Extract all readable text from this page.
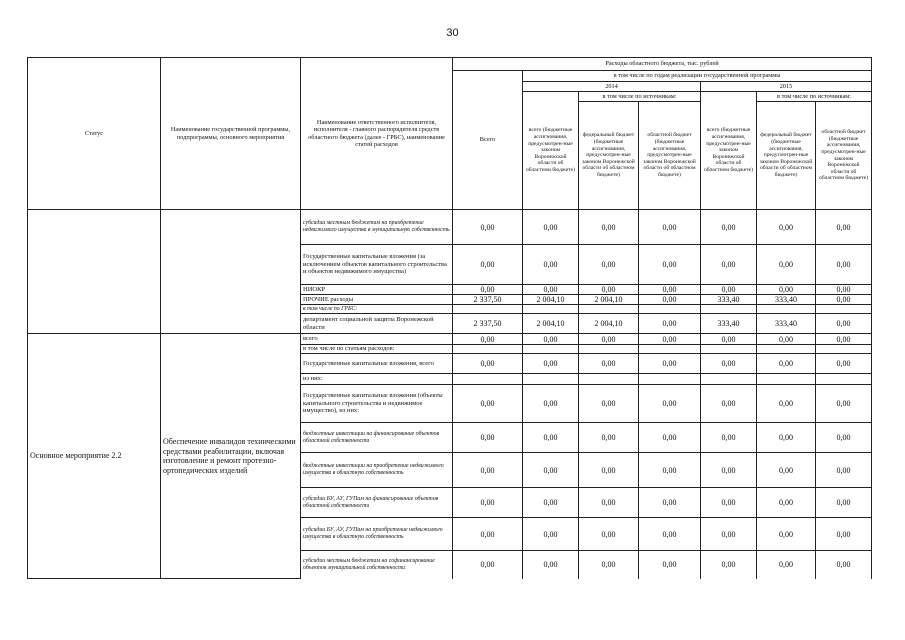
30
Статус	Наименование государственной программы, подпрограммы, основного мероприятия	Наименование ответственного исполнителя, исполнителя - главного распорядителя средств областного бюджета (далее - ГРБС), наименование статей расходов	Расходы областного бюджета, тыс. рублей						
			Всего	в том числе по годам реализации государственной программы					
				2014			2015		
				всего (бюджетные ассигнования, предусмотрен-ные законом Воронежской области об областном бюджете)	в том числе по источникам:		всего (бюджетные ассигнования, предусмотрен-ные законом Воронежской области об областном бюджете)	в том числе по источникам:	
					федеральный бюджет (бюджетные ассигнования, предусмотрен-ные законом Воронежской области об областном бюджете)	областной бюджет (бюджетные ассигнования, предусмотрен-ные законом Воронежской области об областном бюджете)		федеральный бюджет (бюджетные ассигнования, предусмотрен-ные законом Воронежской области об областном бюджете)	областной бюджет (бюджетные ассигнования, предусмотрен-ные законом Воронежской области об областном бюджете)
		субсидии местным бюджетам на приобретение недвижимого имущества в муниципальную собственность	0,00	0,00	0,00	0,00	0,00	0,00	0,00
		Государственные капитальные вложения (за исключением объектов капитального строительства и объектов недвижимого имущества)	0,00	0,00	0,00	0,00	0,00	0,00	0,00
		НИОКР	0,00	0,00	0,00	0,00	0,00	0,00	0,00
		ПРОЧИЕ расходы	2 337,50	2 004,10	2 004,10	0,00	333,40	333,40	0,00
		в том числе по ГРБС:							
		департамент социальной защиты Воронежской области	2 337,50	2 004,10	2 004,10	0,00	333,40	333,40	0,00
Основное мероприятие 2.2	Обеспечение инвалидов техническими средствами реабилитации, включая изготовление и ремонт протезно-ортопедических изделий	всего	0,00	0,00	0,00	0,00	0,00	0,00	0,00
		в том числе по статьям расходов:							
		Государственные капитальные вложения, всего	0,00	0,00	0,00	0,00	0,00	0,00	0,00
		из них:							
		Государственные капитальные вложения (объекты капитального строительства и недвижимое имущество), из них:	0,00	0,00	0,00	0,00	0,00	0,00	0,00
		бюджетные инвестиции на финансирование объектов областной собственности	0,00	0,00	0,00	0,00	0,00	0,00	0,00
		бюджетные инвестиции на приобретение недвижимого имущества в областную собственность	0,00	0,00	0,00	0,00	0,00	0,00	0,00
		субсидии БУ, АУ, ГУПам на финансирование объектов областной собственности	0,00	0,00	0,00	0,00	0,00	0,00	0,00
		субсидии БУ, АУ, ГУПам на приобретение недвижимого имущества в областную собственность	0,00	0,00	0,00	0,00	0,00	0,00	0,00
		субсидии местным бюджетам на софинансирование объектов муниципальной собственности	0,00	0,00	0,00	0,00	0,00	0,00	0,00
